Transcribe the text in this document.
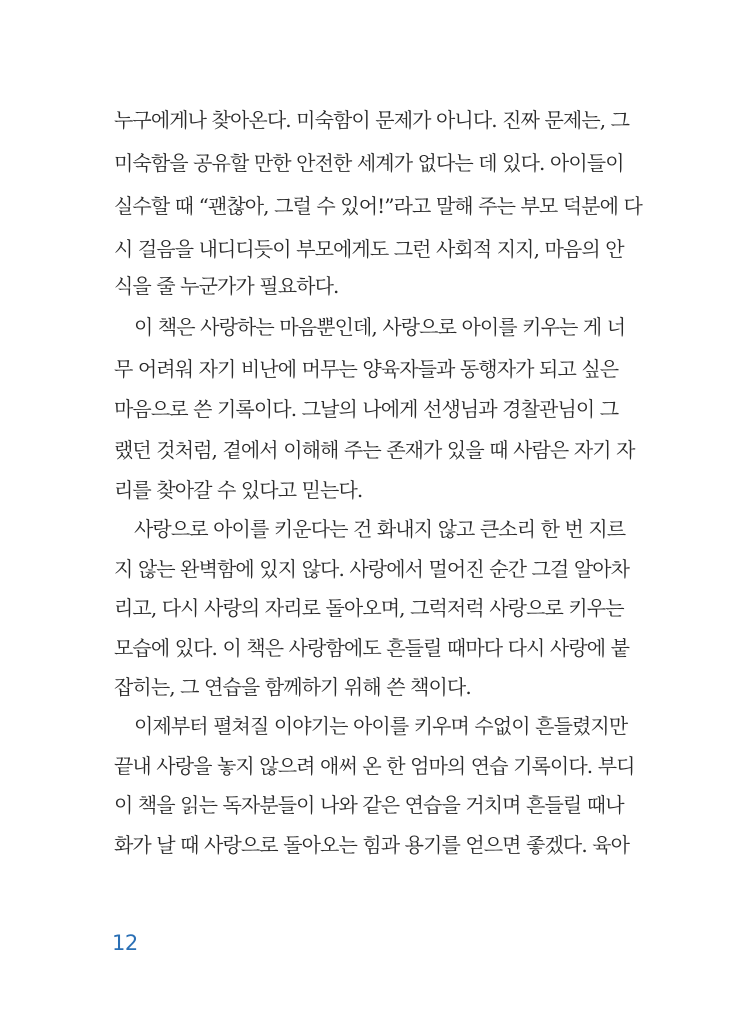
누구에게나 찾아온다. 미숙함이 문제가 아니다. 진짜 문제는, 그
미숙함을 공유할 만한 안전한 세계가 없다는 데 있다. 아이들이
실수할 때 “괜찮아, 그럴 수 있어!”라고 말해 주는 부모 덕분에 다
시 걸음을 내디디듯이 부모에게도 그런 사회적 지지, 마음의 안
식을 줄 누군가가 필요하다.
이 책은 사랑하는 마음뿐인데, 사랑으로 아이를 키우는 게 너
무 어려워 자기 비난에 머무는 양육자들과 동행자가 되고 싶은
마음으로 쓴 기록이다. 그날의 나에게 선생님과 경찰관님이 그
랬던 것처럼, 곁에서 이해해 주는 존재가 있을 때 사람은 자기 자
리를 찾아갈 수 있다고 믿는다.
사랑으로 아이를 키운다는 건 화내지 않고 큰소리 한 번 지르
지 않는 완벽함에 있지 않다. 사랑에서 멀어진 순간 그걸 알아차
리고, 다시 사랑의 자리로 돌아오며, 그럭저럭 사랑으로 키우는
모습에 있다. 이 책은 사랑함에도 흔들릴 때마다 다시 사랑에 붙
잡히는, 그 연습을 함께하기 위해 쓴 책이다.
이제부터 펼쳐질 이야기는 아이를 키우며 수없이 흔들렸지만
끝내 사랑을 놓지 않으려 애써 온 한 엄마의 연습 기록이다. 부디
이 책을 읽는 독자분들이 나와 같은 연습을 거치며 흔들릴 때나
화가 날 때 사랑으로 돌아오는 힘과 용기를 얻으면 좋겠다. 육아
12
